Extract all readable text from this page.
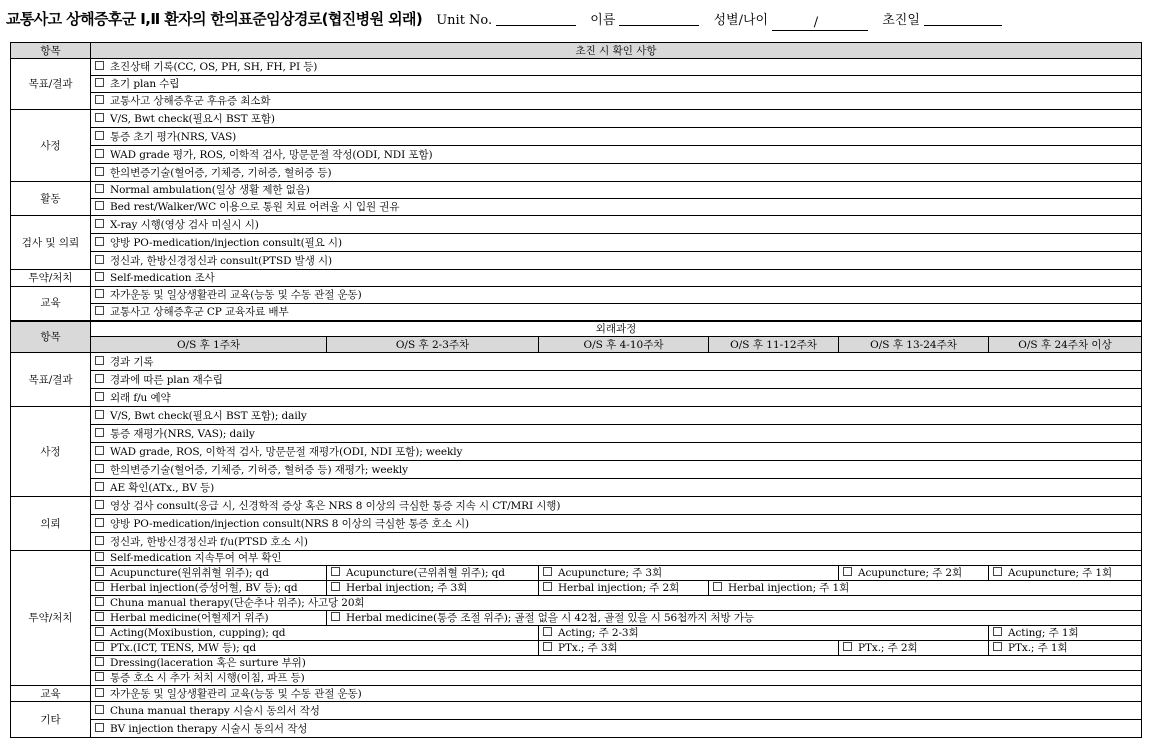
교통사고 상해증후군 Ⅰ,Ⅱ 환자의 한의표준임상경로(협진병원 외래) Unit No.	이름	성별/나이	/	초진일
항목	초진 시 확인 사항					
목표/결과	초진상태 기록(CC, OS, PH, SH, FH, PI 등)					
	초기 plan 수립					
	교통사고 상해증후군 후유증 최소화					
사정	V/S, Bwt check(필요시 BST 포함)					
	통증 초기 평가(NRS, VAS)					
	WAD grade 평가, ROS, 이학적 검사, 망문문절 작성(ODI, NDI 포함)					
	한의변증기술(혈어증, 기체증, 기허증, 혈허증 등)					
활동	Normal ambulation(일상 생활 제한 없음)					
	Bed rest/Walker/WC 이용으로 통원 치료 어려울 시 입원 권유					
검사 및 의뢰	X-ray 시행(영상 검사 미실시 시)					
	양방 PO-medication/injection consult(필요 시)					
	정신과, 한방신경정신과 consult(PTSD 발생 시)					
투약/처치	Self-medication 조사					
교육	자가운동 및 일상생활관리 교육(능동 및 수동 관절 운동)					
	교통사고 상해증후군 CP 교육자료 배부					
항목	외래과정					
	O/S 후 1주차	O/S 후 2-3주차	O/S 후 4-10주차	O/S 후 11-12주차	O/S 후 13-24주차	O/S 후 24주차 이상
목표/결과	경과 기록					
	경과에 따른 plan 재수립					
	외래 f/u 예약					
사정	V/S, Bwt check(필요시 BST 포함); daily					
	통증 재평가(NRS, VAS); daily					
	WAD grade, ROS, 이학적 검사, 망문문절 재평가(ODI, NDI 포함); weekly					
	한의변증기술(혈어증, 기체증, 기허증, 혈허증 등) 재평가; weekly					
	AE 확인(ATx., BV 등)					
의뢰	영상 검사 consult(응급 시, 신경학적 증상 혹은 NRS 8 이상의 극심한 통증 지속 시 CT/MRI 시행)					
	양방 PO-medication/injection consult(NRS 8 이상의 극심한 통증 호소 시)					
	정신과, 한방신경정신과 f/u(PTSD 호소 시)					
투약/처치	Self-medication 지속투여 여부 확인					
	Acupuncture(원위취혈 위주); qd	Acupuncture(근위취혈 위주); qd	Acupuncture; 주 3회		Acupuncture; 주 2회	Acupuncture; 주 1회
	Herbal injection(증성어혈, BV 등); qd	Herbal injection; 주 3회	Herbal injection; 주 2회	Herbal injection; 주 1회		
	Chuna manual therapy(단순추나 위주); 사고당 20회					
	Herbal medicine(어혈제거 위주)	Herbal medicine(통증 조절 위주); 골절 없을 시 42첩, 골절 있을 시 56첩까지 처방 가능				
	Acting(Moxibustion, cupping); qd		Acting; 주 2-3회			Acting; 주 1회
	PTx.(ICT, TENS, MW 등); qd		PTx.; 주 3회		PTx.; 주 2회	PTx.; 주 1회
	Dressing(laceration 혹은 surture 부위)					
	통증 호소 시 추가 처치 시행(이침, 파프 등)					
교육	자가운동 및 일상생활관리 교육(능동 및 수동 관절 운동)					
기타	Chuna manual therapy 시술시 동의서 작성					
	BV injection therapy 시술시 동의서 작성					
